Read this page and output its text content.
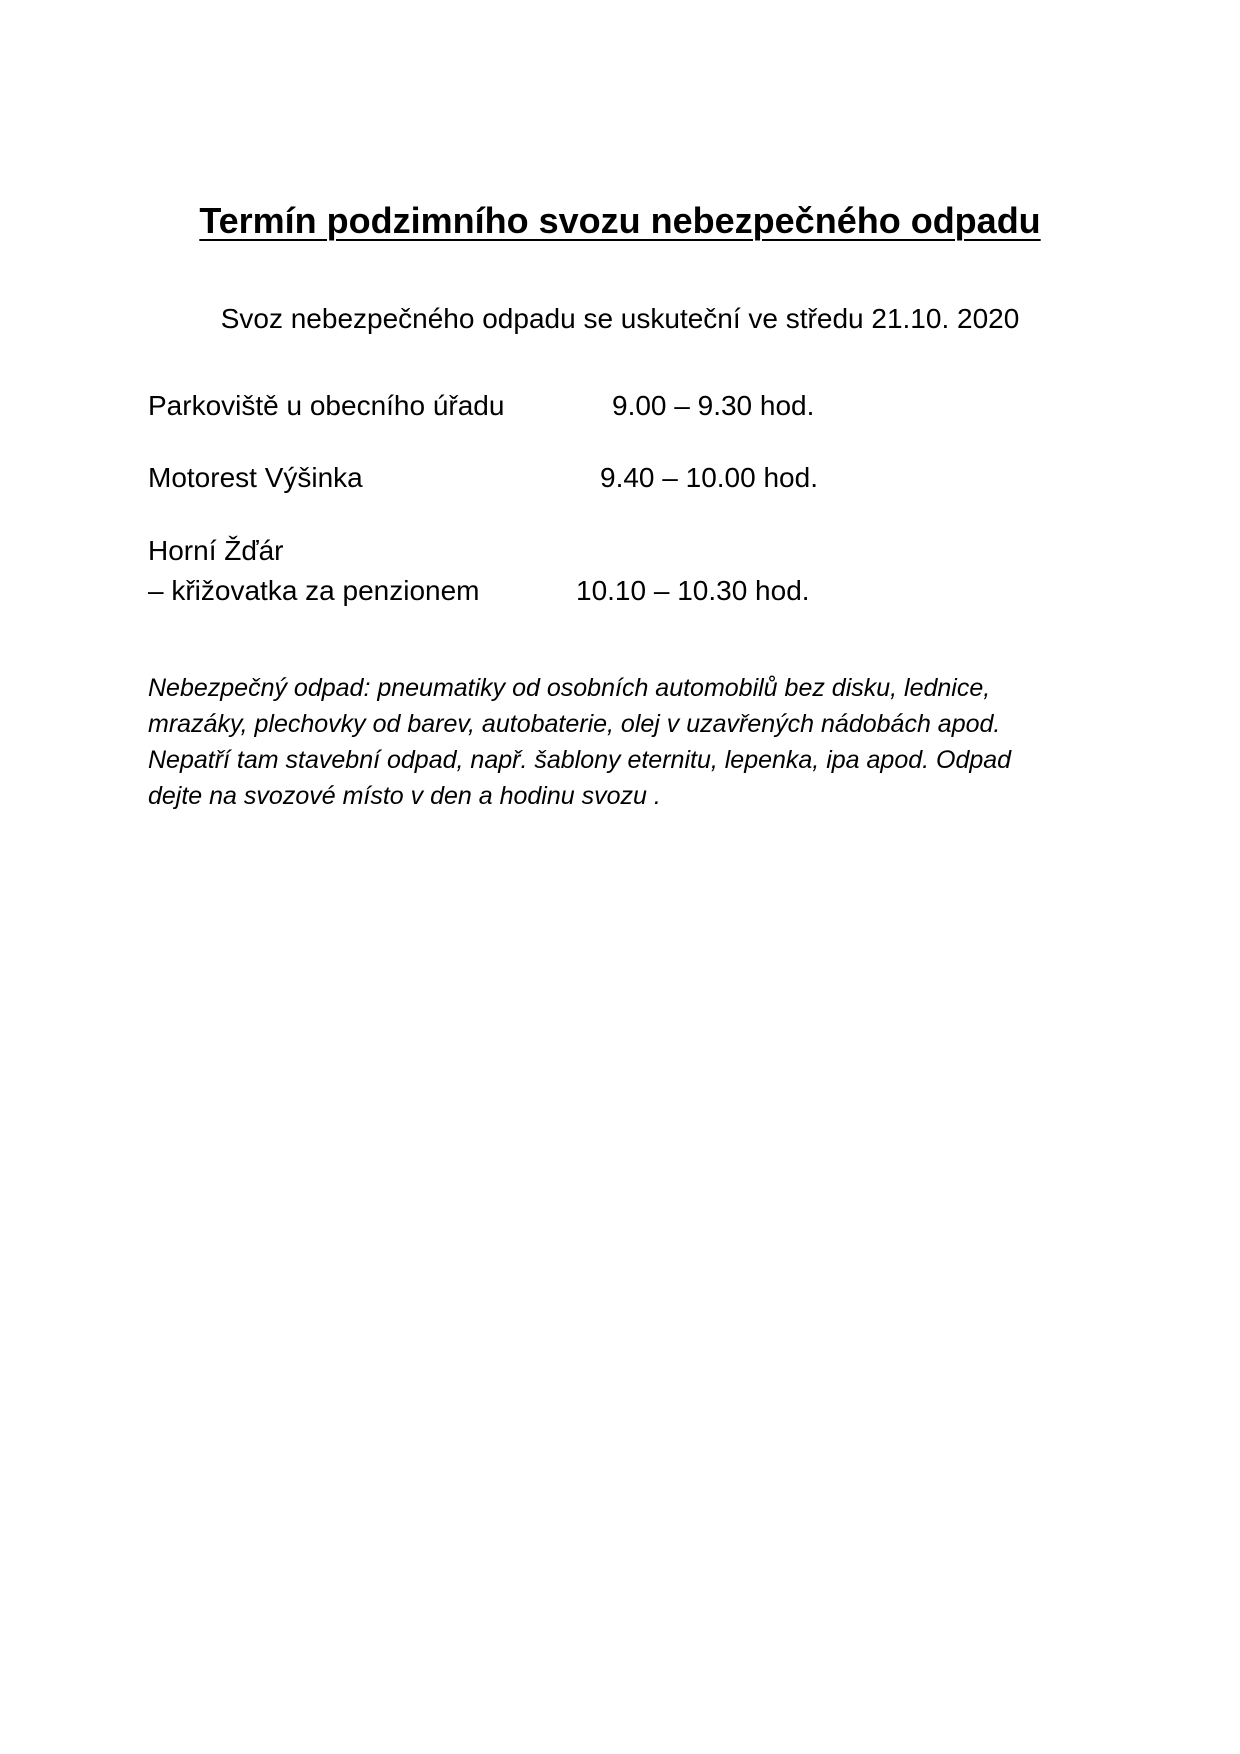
Termín podzimního svozu nebezpečného odpadu
Svoz nebezpečného odpadu se uskuteční ve středu 21.10. 2020
Parkoviště u obecního úřadu	9.00 – 9.30 hod.
Motorest Výšinka	9.40 – 10.00 hod.
Horní Žďár
– křižovatka za penzionem	10.10 – 10.30 hod.
Nebezpečný odpad: pneumatiky od osobních automobilů bez disku, lednice,
mrazáky, plechovky od barev, autobaterie, olej v uzavřených nádobách apod.
Nepatří tam stavební odpad, např. šablony eternitu, lepenka, ipa apod. Odpad
dejte na svozové místo v den a hodinu svozu .
